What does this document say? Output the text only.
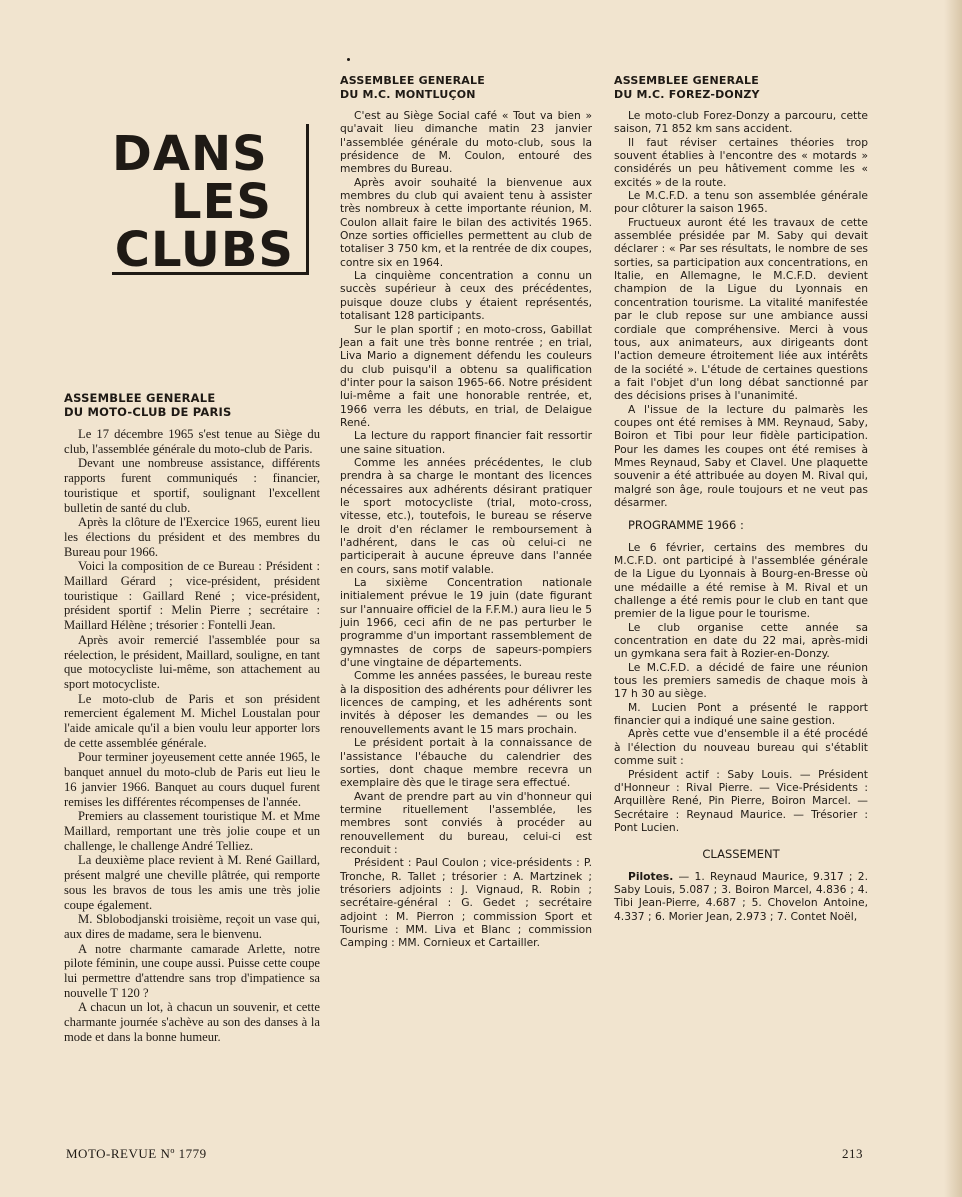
DANS
LES
CLUBS
ASSEMBLEE GENERALE
DU MOTO-CLUB DE PARIS

Le 17 décembre 1965 s'est tenue au Siège du club, l'assemblée générale du moto-club de Paris.

Devant une nombreuse assistance, différents rapports furent communiqués : financier, touristique et sportif, soulignant l'excellent bulletin de santé du club.

Après la clôture de l'Exercice 1965, eurent lieu les élections du président et des membres du Bureau pour 1966.

Voici la composition de ce Bureau : Président : Maillard Gérard ; vice-président, président touristique : Gaillard René ; vice-président, président sportif : Melin Pierre ; secrétaire : Maillard Hélène ; trésorier : Fontelli Jean.

Après avoir remercié l'assemblée pour sa réelection, le président, Maillard, souligne, en tant que motocycliste lui-même, son attachement au sport motocycliste.

Le moto-club de Paris et son président remercient également M. Michel Loustalan pour l'aide amicale qu'il a bien voulu leur apporter lors de cette assemblée générale.

Pour terminer joyeusement cette année 1965, le banquet annuel du moto-club de Paris eut lieu le 16 janvier 1966. Banquet au cours duquel furent remises les différentes récompenses de l'année.

Premiers au classement touristique M. et Mme Maillard, remportant une très jolie coupe et un challenge, le challenge André Telliez.

La deuxième place revient à M. René Gaillard, présent malgré une cheville plâtrée, qui remporte sous les bravos de tous les amis une très jolie coupe également.

M. Sblobodjanski troisième, reçoit un vase qui, aux dires de madame, sera le bienvenu.

A notre charmante camarade Arlette, notre pilote féminin, une coupe aussi. Puisse cette coupe lui permettre d'attendre sans trop d'impatience sa nouvelle T 120 ?

A chacun un lot, à chacun un souvenir, et cette charmante journée s'achève au son des danses à la mode et dans la bonne humeur.

ASSEMBLEE GENERALE
DU M.C. MONTLUÇON

C'est au Siège Social café « Tout va bien » qu'avait lieu dimanche matin 23 janvier l'assemblée générale du moto-club, sous la présidence de M. Coulon, entouré des membres du Bureau.

Après avoir souhaité la bienvenue aux membres du club qui avaient tenu à assister très nombreux à cette importante réunion, M. Coulon allait faire le bilan des activités 1965. Onze sorties officielles permettent au club de totaliser 3 750 km, et la rentrée de dix coupes, contre six en 1964.

La cinquième concentration a connu un succès supérieur à ceux des précédentes, puisque douze clubs y étaient représentés, totalisant 128 participants.

Sur le plan sportif ; en moto-cross, Gabillat Jean a fait une très bonne rentrée ; en trial, Liva Mario a dignement défendu les couleurs du club puisqu'il a obtenu sa qualification d'inter pour la saison 1965-66. Notre président lui-même a fait une honorable rentrée, et, 1966 verra les débuts, en trial, de Delaigue René.

La lecture du rapport financier fait ressortir une saine situation.

Comme les années précédentes, le club prendra à sa charge le montant des licences nécessaires aux adhérents désirant pratiquer le sport motocycliste (trial, moto-cross, vitesse, etc.), toutefois, le bureau se réserve le droit d'en réclamer le remboursement à l'adhérent, dans le cas où celui-ci ne participerait à aucune épreuve dans l'année en cours, sans motif valable.

La sixième Concentration nationale initialement prévue le 19 juin (date figurant sur l'annuaire officiel de la F.F.M.) aura lieu le 5 juin 1966, ceci afin de ne pas perturber le programme d'un important rassemblement de gymnastes de corps de sapeurs-pompiers d'une vingtaine de départements.

Comme les années passées, le bureau reste à la disposition des adhérents pour délivrer les licences de camping, et les adhérents sont invités à déposer les demandes — ou les renouvellements avant le 15 mars prochain.

Le président portait à la connaissance de l'assistance l'ébauche du calendrier des sorties, dont chaque membre recevra un exemplaire dès que le tirage sera effectué.

Avant de prendre part au vin d'honneur qui termine rituellement l'assemblée, les membres sont conviés à procéder au renouvellement du bureau, celui-ci est reconduit :

Président : Paul Coulon ; vice-présidents : P. Tronche, R. Tallet ; trésorier : A. Martzinek ; trésoriers adjoints : J. Vignaud, R. Robin ; secrétaire-général : G. Gedet ; secrétaire adjoint : M. Pierron ; commission Sport et Tourisme : MM. Liva et Blanc ; commission Camping : MM. Cornieux et Cartailler.

ASSEMBLEE GENERALE
DU M.C. FOREZ-DONZY

Le moto-club Forez-Donzy a parcouru, cette saison, 71 852 km sans accident.

Il faut réviser certaines théories trop souvent établies à l'encontre des « motards » considérés un peu hâtivement comme les « excités » de la route.

Le M.C.F.D. a tenu son assemblée générale pour clôturer la saison 1965.

Fructueux auront été les travaux de cette assemblée présidée par M. Saby qui devait déclarer : « Par ses résultats, le nombre de ses sorties, sa participation aux concentrations, en Italie, en Allemagne, le M.C.F.D. devient champion de la Ligue du Lyonnais en concentration tourisme. La vitalité manifestée par le club repose sur une ambiance aussi cordiale que compréhensive. Merci à vous tous, aux animateurs, aux dirigeants dont l'action demeure étroitement liée aux intérêts de la société ». L'étude de certaines questions a fait l'objet d'un long débat sanctionné par des décisions prises à l'unanimité.

A l'issue de la lecture du palmarès les coupes ont été remises à MM. Reynaud, Saby, Boiron et Tibi pour leur fidèle participation. Pour les dames les coupes ont été remises à Mmes Reynaud, Saby et Clavel. Une plaquette souvenir a été attribuée au doyen M. Rival qui, malgré son âge, roule toujours et ne veut pas désarmer.

PROGRAMME 1966 :

Le 6 février, certains des membres du M.C.F.D. ont participé à l'assemblée générale de la Ligue du Lyonnais à Bourg-en-Bresse où une médaille a été remise à M. Rival et un challenge a été remis pour le club en tant que premier de la ligue pour le tourisme.

Le club organise cette année sa concentration en date du 22 mai, après-midi un gymkana sera fait à Rozier-en-Donzy.

Le M.C.F.D. a décidé de faire une réunion tous les premiers samedis de chaque mois à 17 h 30 au siège.

M. Lucien Pont a présenté le rapport financier qui a indiqué une saine gestion.

Après cette vue d'ensemble il a été procédé à l'élection du nouveau bureau qui s'établit comme suit :

Président actif : Saby Louis. — Président d'Honneur : Rival Pierre. — Vice-Présidents : Arquillère René, Pin Pierre, Boiron Marcel. — Secrétaire : Reynaud Maurice. — Trésorier : Pont Lucien.

CLASSEMENT

Pilotes. — 1. Reynaud Maurice, 9.317 ; 2. Saby Louis, 5.087 ; 3. Boiron Marcel, 4.836 ; 4. Tibi Jean-Pierre, 4.687 ; 5. Chovelon Antoine, 4.337 ; 6. Morier Jean, 2.973 ; 7. Contet Noël,

MOTO-REVUE Nº 1779	213
